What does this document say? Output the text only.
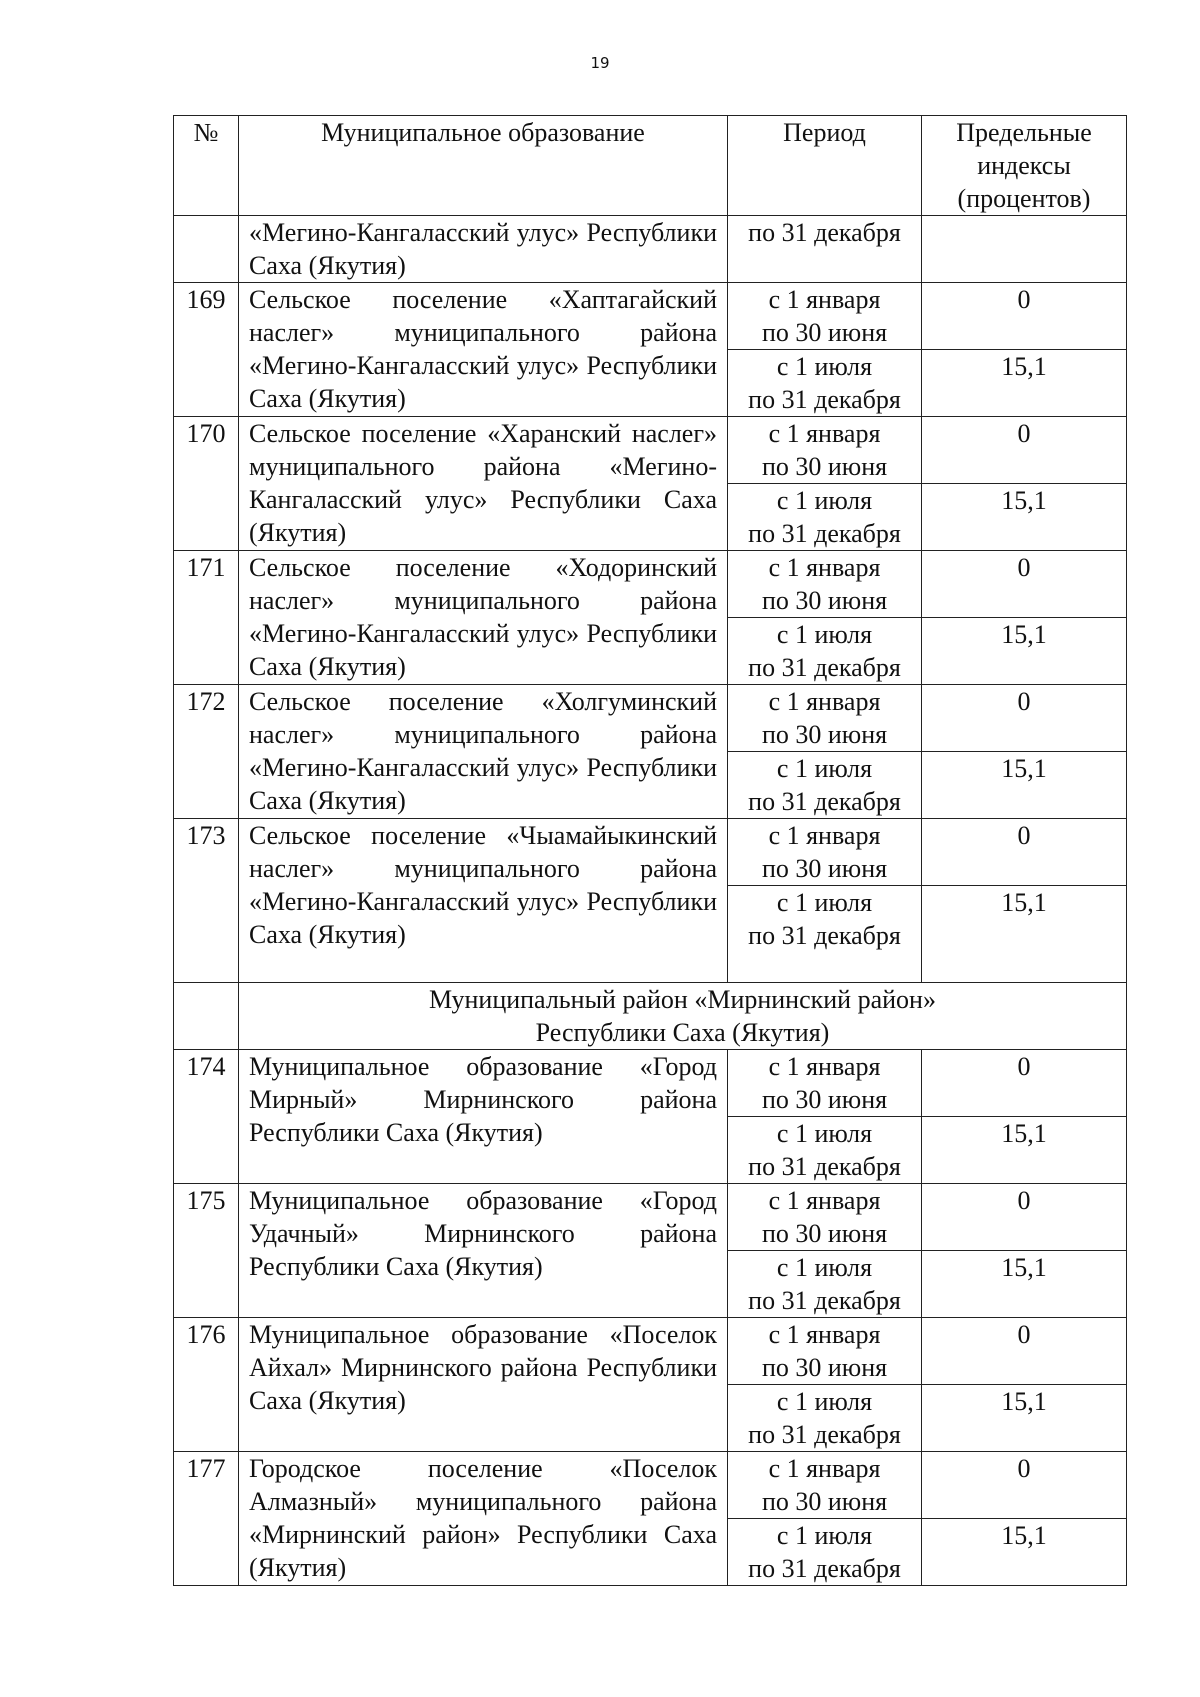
19
№	Муниципальное образование	Период	Предельные
индексы
(процентов)

	«Мегино-Кангаласский улус» Республики Саха (Якутия)	по 31 декабря	
169	Сельское поселение «Хаптагайский наслег» муниципального района «Мегино-Кангаласский улус» Республики Саха (Якутия)	с 1 января
по 30 июня	0

		с 1 июля
по 31 декабря	15,1
170	Сельское поселение «Харанский наслег» муниципального района «Мегино-Кангаласский улус» Республики Саха (Якутия)	с 1 января
по 30 июня	0

		с 1 июля
по 31 декабря	15,1
171	Сельское поселение «Ходоринский наслег» муниципального района «Мегино-Кангаласский улус» Республики Саха (Якутия)	с 1 января
по 30 июня	0

		с 1 июля
по 31 декабря	15,1
172	Сельское поселение «Холгуминский наслег» муниципального района «Мегино-Кангаласский улус» Республики Саха (Якутия)	с 1 января
по 30 июня	0

		с 1 июля
по 31 декабря	15,1
173	Сельское поселение «Чыамайыкинский наслег» муниципального района «Мегино-Кангаласский улус» Республики Саха (Якутия)	с 1 января
по 30 июня	0

		с 1 июля
по 31 декабря	15,1

	Муниципальный район «Мирнинский район»
Республики Саха (Якутия)		

174	Муниципальное образование «Город Мирный» Мирнинского района Республики Саха (Якутия)	с 1 января
по 30 июня	0

		с 1 июля
по 31 декабря	15,1
175	Муниципальное образование «Город Удачный» Мирнинского района Республики Саха (Якутия)	с 1 января
по 30 июня	0

		с 1 июля
по 31 декабря	15,1
176	Муниципальное образование «Поселок Айхал» Мирнинского района Республики Саха (Якутия)	с 1 января
по 30 июня	0

		с 1 июля
по 31 декабря	15,1
177	Городское поселение «Поселок Алмазный» муниципального района «Мирнинский район» Республики Саха (Якутия)	с 1 января
по 30 июня	0

		с 1 июля
по 31 декабря	15,1
